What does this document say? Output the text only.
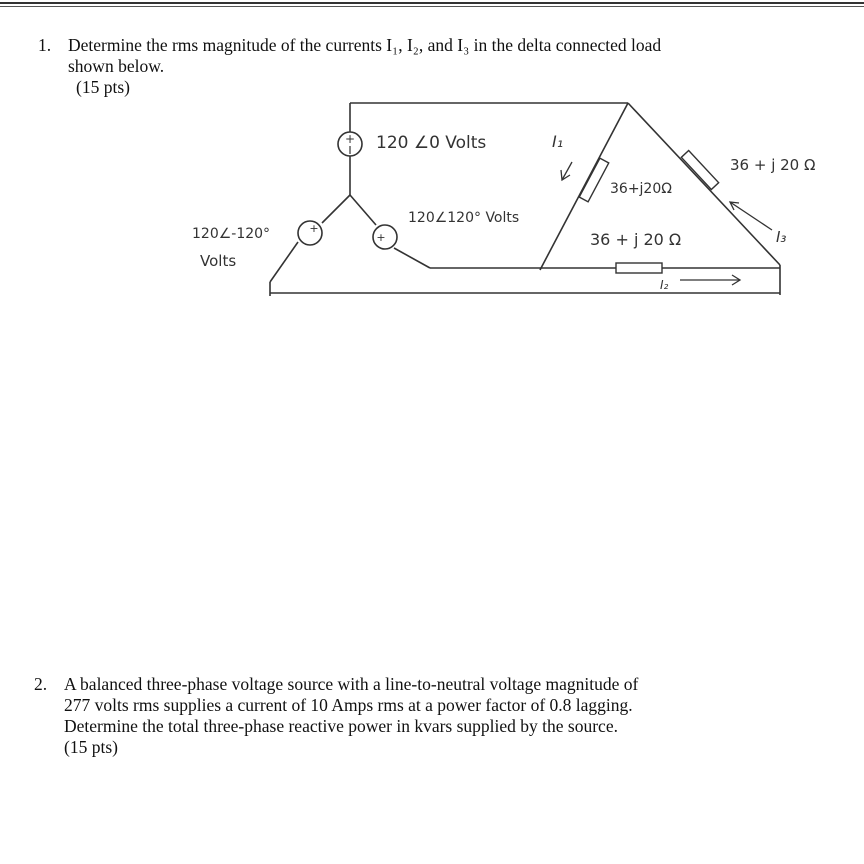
1. Determine the rms magnitude of the currents I₁, I₂, and I₃ in the delta connected load
shown below.
(15 pts)
+
+
+
120 ∠0 Volts
120∠120° Volts
120∠-120°
Volts
36+j20Ω
36 + j 20 Ω
36 + j 20 Ω
I₁
I₂
I₃
2. A balanced three-phase voltage source with a line-to-neutral voltage magnitude of
277 volts rms supplies a current of 10 Amps rms at a power factor of 0.8 lagging.
Determine the total three-phase reactive power in kvars supplied by the source.
(15 pts)
